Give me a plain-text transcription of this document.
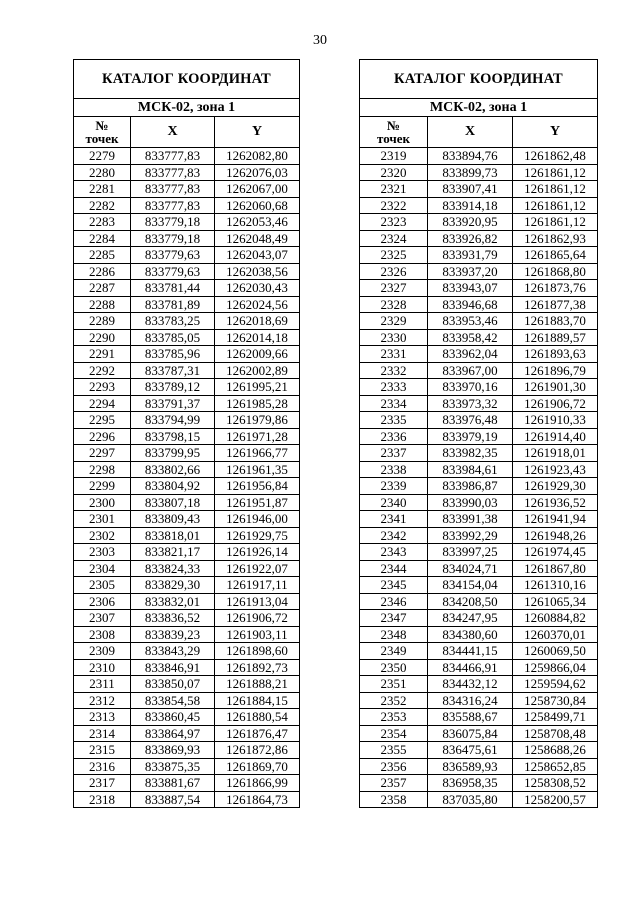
30
КАТАЛОГ КООРДИНАТ		
МСК-02, зона 1		
№
точек	X	Y
2279	833777,83	1262082,80
2280	833777,83	1262076,03
2281	833777,83	1262067,00
2282	833777,83	1262060,68
2283	833779,18	1262053,46
2284	833779,18	1262048,49
2285	833779,63	1262043,07
2286	833779,63	1262038,56
2287	833781,44	1262030,43
2288	833781,89	1262024,56
2289	833783,25	1262018,69
2290	833785,05	1262014,18
2291	833785,96	1262009,66
2292	833787,31	1262002,89
2293	833789,12	1261995,21
2294	833791,37	1261985,28
2295	833794,99	1261979,86
2296	833798,15	1261971,28
2297	833799,95	1261966,77
2298	833802,66	1261961,35
2299	833804,92	1261956,84
2300	833807,18	1261951,87
2301	833809,43	1261946,00
2302	833818,01	1261929,75
2303	833821,17	1261926,14
2304	833824,33	1261922,07
2305	833829,30	1261917,11
2306	833832,01	1261913,04
2307	833836,52	1261906,72
2308	833839,23	1261903,11
2309	833843,29	1261898,60
2310	833846,91	1261892,73
2311	833850,07	1261888,21
2312	833854,58	1261884,15
2313	833860,45	1261880,54
2314	833864,97	1261876,47
2315	833869,93	1261872,86
2316	833875,35	1261869,70
2317	833881,67	1261866,99
2318	833887,54	1261864,73
КАТАЛОГ КООРДИНАТ		
МСК-02, зона 1		
№
точек	X	Y
2319	833894,76	1261862,48
2320	833899,73	1261861,12
2321	833907,41	1261861,12
2322	833914,18	1261861,12
2323	833920,95	1261861,12
2324	833926,82	1261862,93
2325	833931,79	1261865,64
2326	833937,20	1261868,80
2327	833943,07	1261873,76
2328	833946,68	1261877,38
2329	833953,46	1261883,70
2330	833958,42	1261889,57
2331	833962,04	1261893,63
2332	833967,00	1261896,79
2333	833970,16	1261901,30
2334	833973,32	1261906,72
2335	833976,48	1261910,33
2336	833979,19	1261914,40
2337	833982,35	1261918,01
2338	833984,61	1261923,43
2339	833986,87	1261929,30
2340	833990,03	1261936,52
2341	833991,38	1261941,94
2342	833992,29	1261948,26
2343	833997,25	1261974,45
2344	834024,71	1261867,80
2345	834154,04	1261310,16
2346	834208,50	1261065,34
2347	834247,95	1260884,82
2348	834380,60	1260370,01
2349	834441,15	1260069,50
2350	834466,91	1259866,04
2351	834432,12	1259594,62
2352	834316,24	1258730,84
2353	835588,67	1258499,71
2354	836075,84	1258708,48
2355	836475,61	1258688,26
2356	836589,93	1258652,85
2357	836958,35	1258308,52
2358	837035,80	1258200,57
